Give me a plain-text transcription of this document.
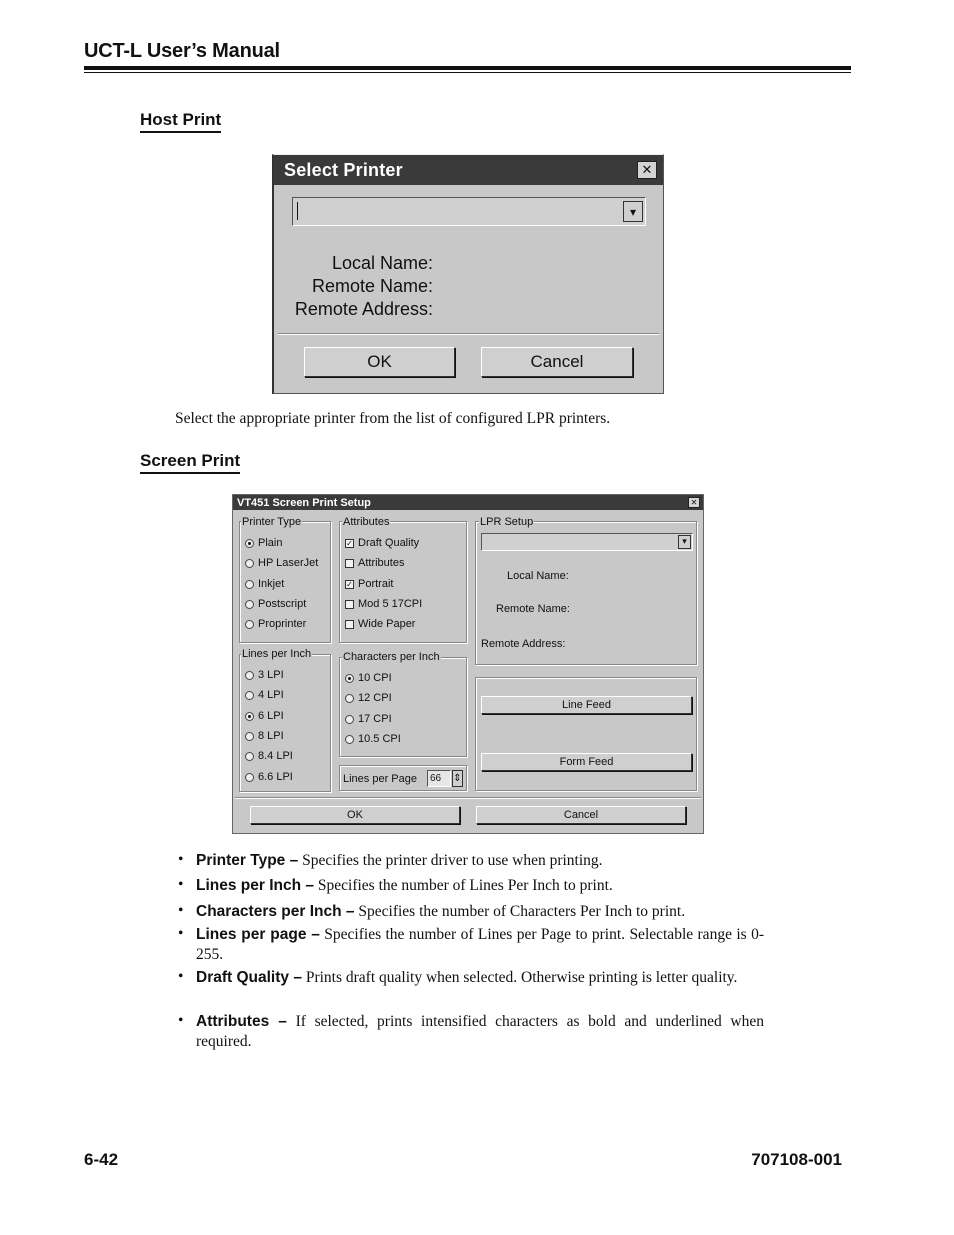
UCT-L User’s Manual
Host Print
Select Printer	✕
▾
Local Name:
Remote Name:
Remote Address:
OK	Cancel
Select the appropriate printer from the list of configured LPR printers.
Screen Print
VT451 Screen Print Setup	✕
Printer Type
Plain
HP LaserJet
Inkjet
Postscript
Proprinter
Attributes
✓ Draft Quality
Attributes
✓ Portrait
Mod 5 17CPI
Wide Paper
LPR Setup
▾
Local Name:
Remote Name:
Remote Address:
Lines per Inch
3 LPI
4 LPI
6 LPI
8 LPI
8.4 LPI
6.6 LPI
Characters per Inch
10 CPI
12 CPI
17 CPI
10.5 CPI
Lines per Page	66	⇕
Line Feed
Form Feed
OK	Cancel
• Printer Type – Specifies the printer driver to use when printing.
• Lines per Inch – Specifies the number of Lines Per Inch to print.
• Characters per Inch – Specifies the number of Characters Per Inch to print.
• Lines per page – Specifies the number of Lines per Page to print. Selectable range is 0-255.
• Draft Quality – Prints draft quality when selected. Otherwise printing is letter quality.
• Attributes – If selected, prints intensified characters as bold and underlined when required.
6-42	707108-001
